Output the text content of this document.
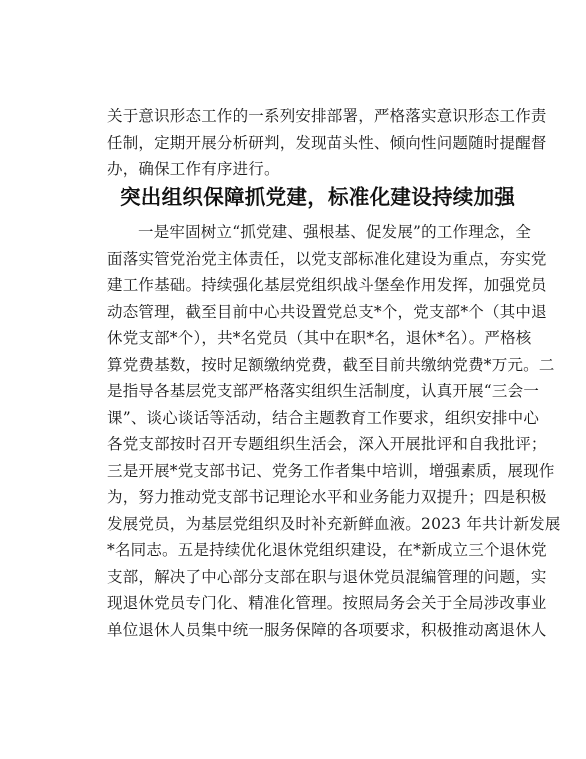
关于意识形态工作的一系列安排部署，严格落实意识形态工作责
任制，定期开展分析研判，发现苗头性、倾向性问题随时提醒督
办，确保工作有序进行。
突出组织保障抓党建，标准化建设持续加强
一是牢固树立“抓党建、强根基、促发展”的工作理念，全
面落实管党治党主体责任，以党支部标准化建设为重点，夯实党
建工作基础。持续强化基层党组织战斗堡垒作用发挥，加强党员
动态管理，截至目前中心共设置党总支*个，党支部*个（其中退
休党支部*个），共*名党员（其中在职*名，退休*名）。严格核
算党费基数，按时足额缴纳党费，截至目前共缴纳党费*万元。二
是指导各基层党支部严格落实组织生活制度，认真开展“三会一
课”、谈心谈话等活动，结合主题教育工作要求，组织安排中心
各党支部按时召开专题组织生活会，深入开展批评和自我批评；
三是开展*党支部书记、党务工作者集中培训，增强素质，展现作
为，努力推动党支部书记理论水平和业务能力双提升；四是积极
发展党员，为基层党组织及时补充新鲜血液。2023 年共计新发展
*名同志。五是持续优化退休党组织建设，在*新成立三个退休党
支部，解决了中心部分支部在职与退休党员混编管理的问题，实
现退休党员专门化、精准化管理。按照局务会关于全局涉改事业
单位退休人员集中统一服务保障的各项要求，积极推动离退休人
